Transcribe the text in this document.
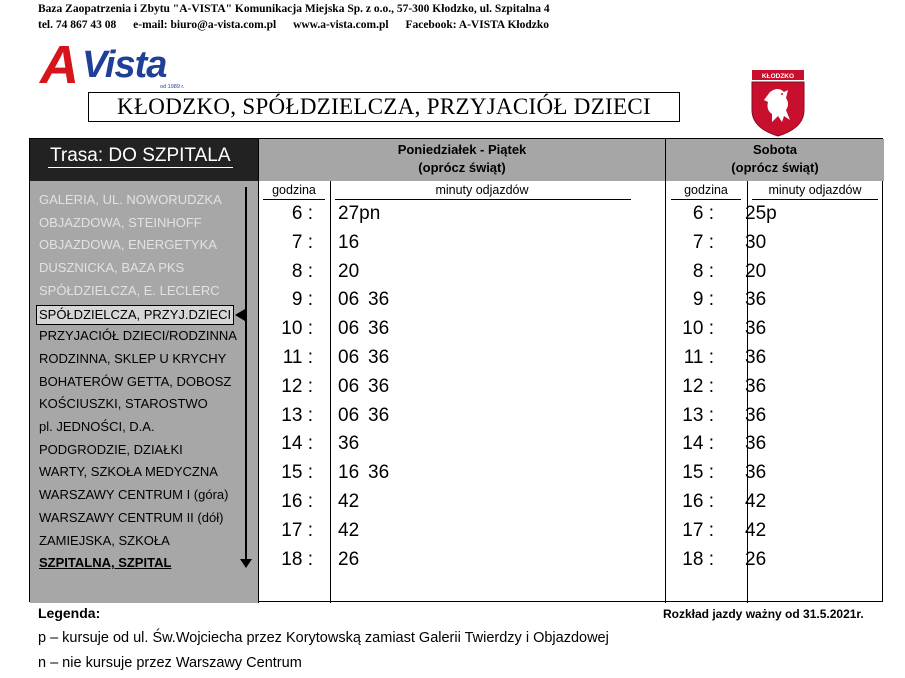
Baza Zaopatrzenia i Zbytu "A-VISTA" Komunikacja Miejska Sp. z o.o., 57-300 Kłodzko, ul. Szpitalna 4
tel. 74 867 43 08 e-mail: biuro@a-vista.com.pl www.a-vista.com.pl Facebook: A-VISTA Kłodzko
A Vista
od 1989 r.
KŁODZKO, SPÓŁDZIELCZA, PRZYJACIÓŁ DZIECI
KŁODZKO
Trasa: DO SZPITALA
GALERIA, UL. NOWORUDZKA
OBJAZDOWA, STEINHOFF
OBJAZDOWA, ENERGETYKA
DUSZNICKA, BAZA PKS
SPÓŁDZIELCZA, E. LECLERC
SPÓŁDZIELCZA, PRZYJ.DZIECI
PRZYJACIÓŁ DZIECI/RODZINNA
RODZINNA, SKLEP U KRYCHY
BOHATERÓW GETTA, DOBOSZ
KOŚCIUSZKI, STAROSTWO
pl. JEDNOŚCI, D.A.
PODGRODZIE, DZIAŁKI
WARTY, SZKOŁA MEDYCZNA
WARSZAWY CENTRUM I (góra)
WARSZAWY CENTRUM II (dół)
ZAMIEJSKA, SZKOŁA
SZPITALNA, SZPITAL
Poniedziałek - Piątek
(oprócz świąt)
Sobota
(oprócz świąt)
godzina	minuty odjazdów	godzina	minuty odjazdów
6 : 27pn
7 : 16
8 : 20
9 : 06 36
10 : 06 36
11 : 06 36
12 : 06 36
13 : 06 36
14 : 36
15 : 16 36
16 : 42
17 : 42
18 : 26
6 : 25p
7 : 30
8 : 20
9 : 36
10 : 36
11 : 36
12 : 36
13 : 36
14 : 36
15 : 36
16 : 42
17 : 42
18 : 26
Legenda:	Rozkład jazdy ważny od 31.5.2021r.
p – kursuje od ul. Św.Wojciecha przez Korytowską zamiast Galerii Twierdzy i Objazdowej
n – nie kursuje przez Warszawy Centrum
